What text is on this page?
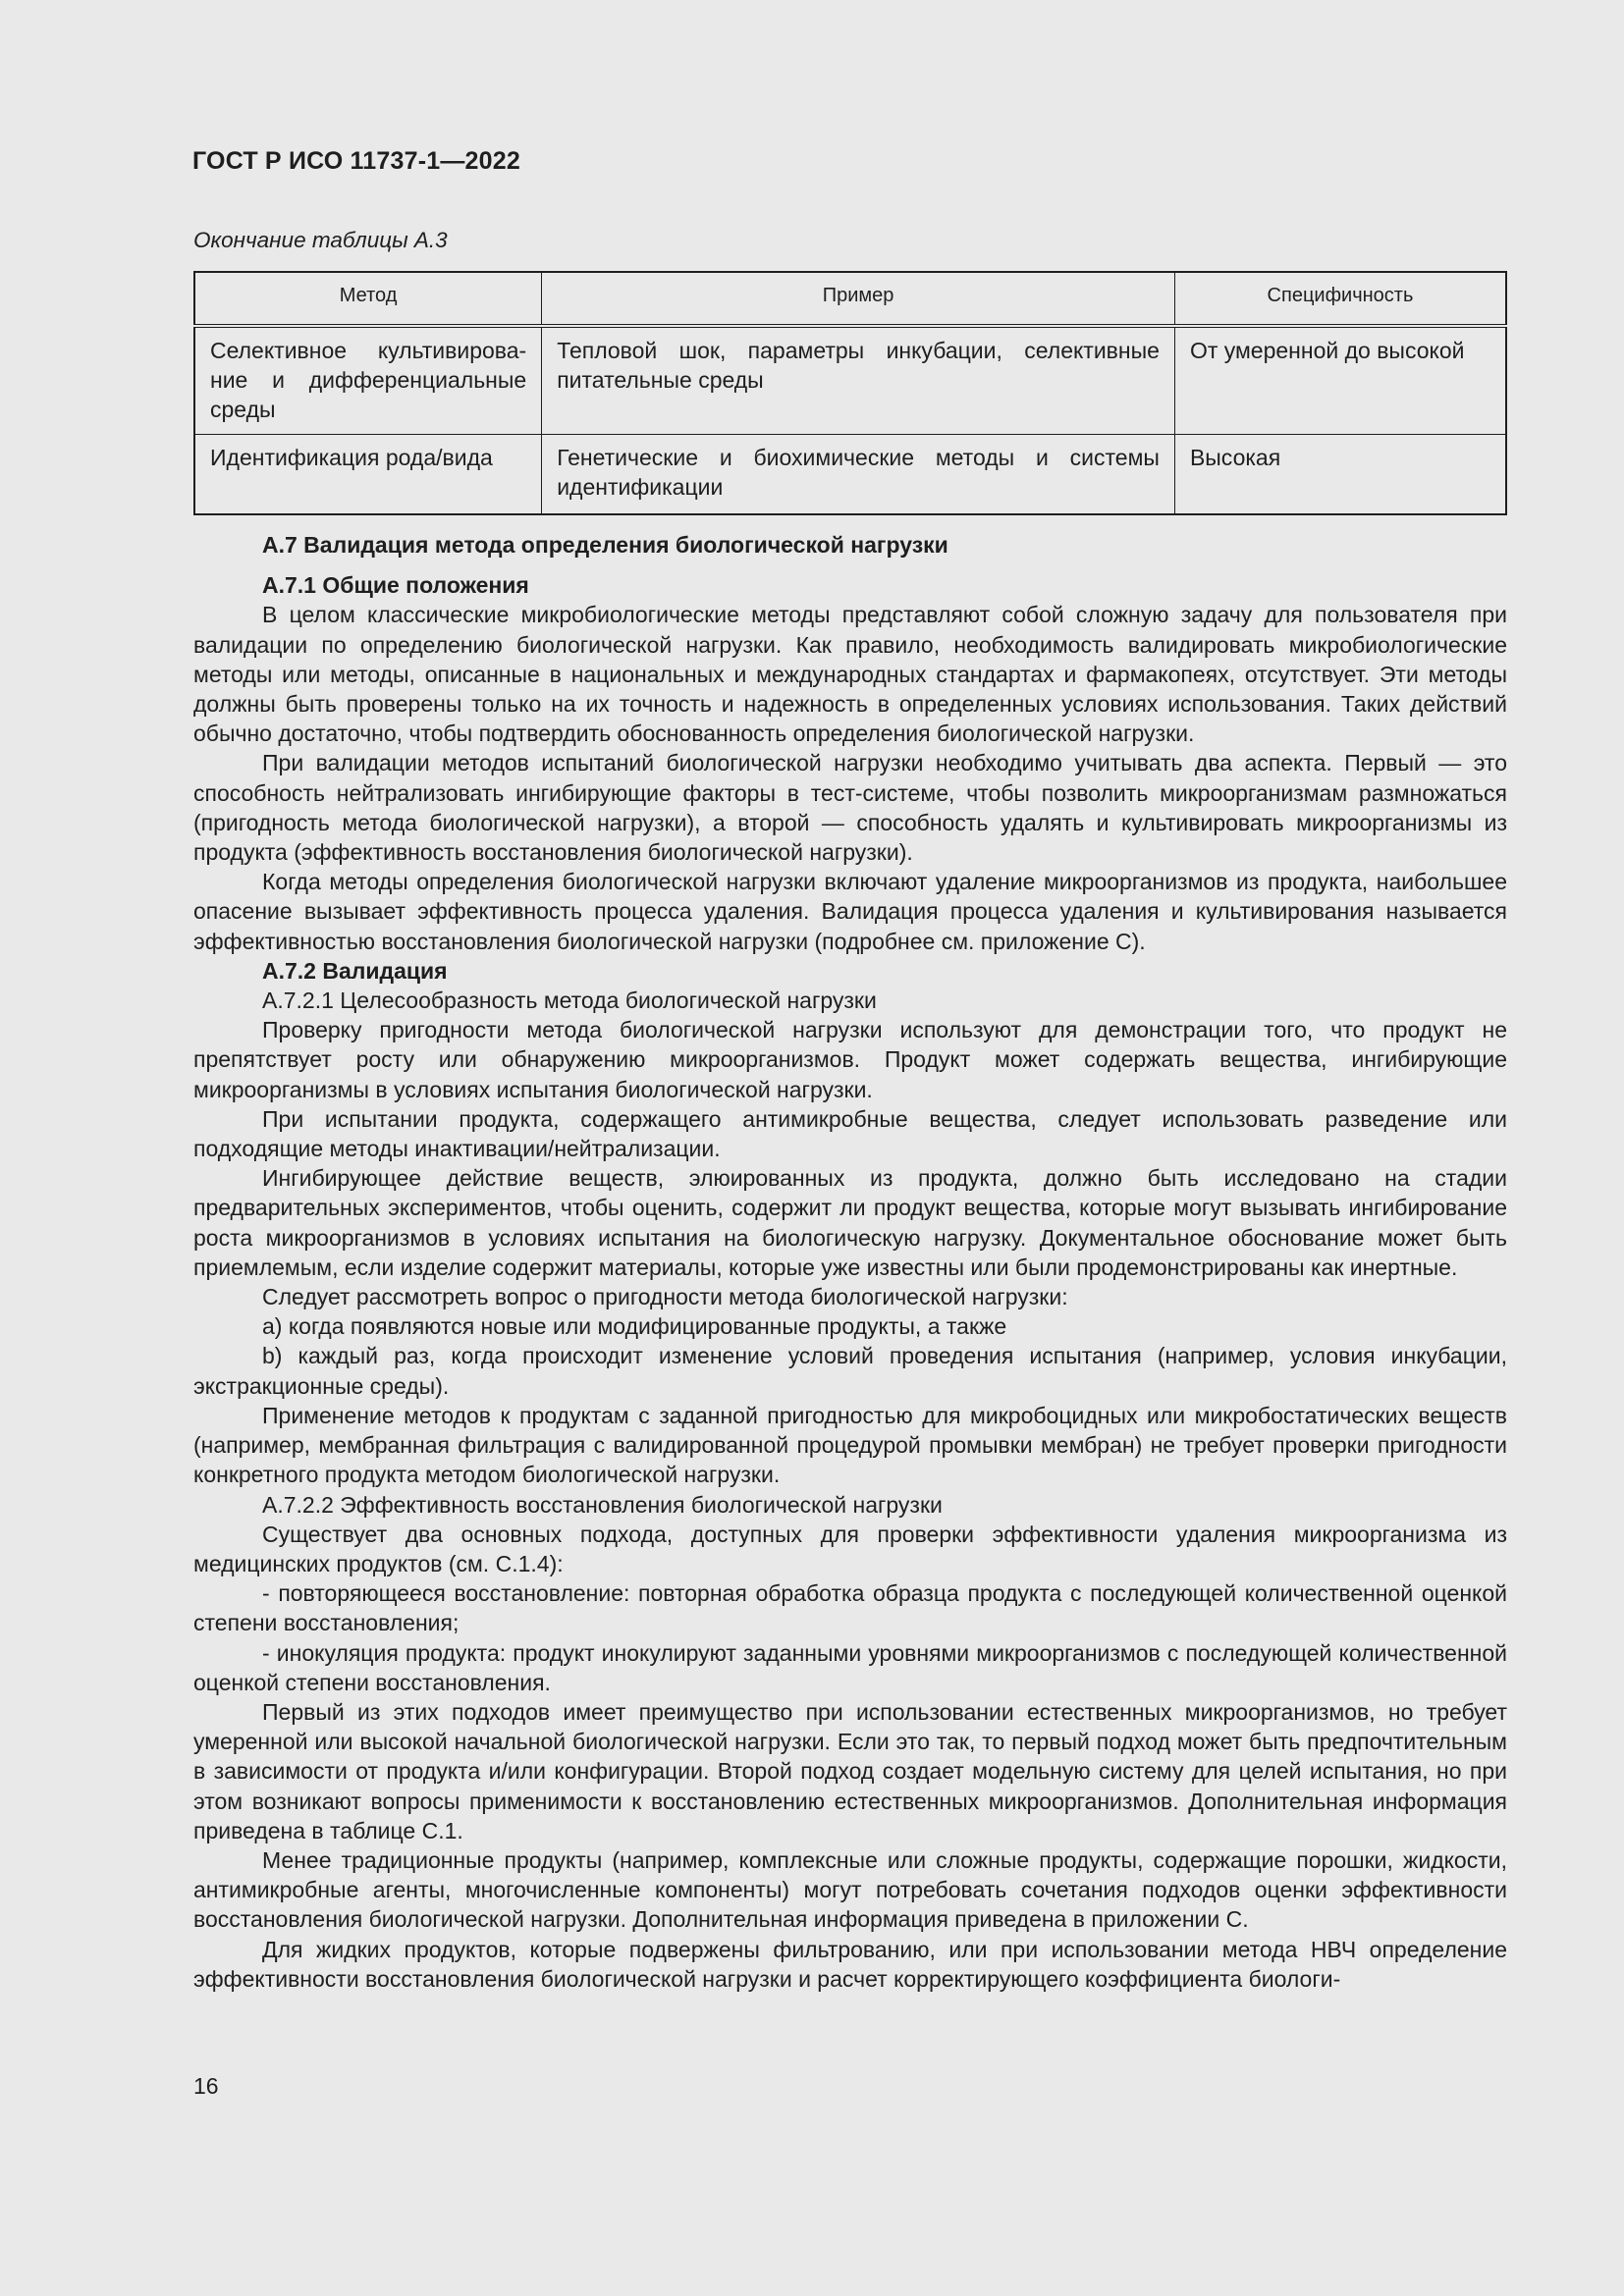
ГОСТ Р ИСО 11737-1—2022
Окончание таблицы А.3
Метод	Пример	Специфичность
Селективное культивирова-ние и дифференциальные среды	Тепловой шок, параметры инкубации, селективные питательные среды	От умеренной до высокой
Идентификация рода/вида	Генетические и биохимические методы и системы идентификации	Высокая

А.7 Валидация метода определения биологической нагрузки

А.7.1 Общие положения

В целом классические микробиологические методы представляют собой сложную задачу для пользователя при валидации по определению биологической нагрузки. Как правило, необходимость валидировать микробиологические методы или методы, описанные в национальных и международных стандартах и фармакопеях, отсутствует. Эти методы должны быть проверены только на их точность и надежность в определенных условиях использования. Таких действий обычно достаточно, чтобы подтвердить обоснованность определения биологической нагрузки.

При валидации методов испытаний биологической нагрузки необходимо учитывать два аспекта. Первый — это способность нейтрализовать ингибирующие факторы в тест-системе, чтобы позволить микроорганизмам размножаться (пригодность метода биологической нагрузки), а второй — способность удалять и культивировать микроорганизмы из продукта (эффективность восстановления биологической нагрузки).

Когда методы определения биологической нагрузки включают удаление микроорганизмов из продукта, наибольшее опасение вызывает эффективность процесса удаления. Валидация процесса удаления и культивирования называется эффективностью восстановления биологической нагрузки (подробнее см. приложение С).

А.7.2 Валидация

А.7.2.1 Целесообразность метода биологической нагрузки

Проверку пригодности метода биологической нагрузки используют для демонстрации того, что продукт не препятствует росту или обнаружению микроорганизмов. Продукт может содержать вещества, ингибирующие микроорганизмы в условиях испытания биологической нагрузки.

При испытании продукта, содержащего антимикробные вещества, следует использовать разведение или подходящие методы инактивации/нейтрализации.

Ингибирующее действие веществ, элюированных из продукта, должно быть исследовано на стадии предварительных экспериментов, чтобы оценить, содержит ли продукт вещества, которые могут вызывать ингибирование роста микроорганизмов в условиях испытания на биологическую нагрузку. Документальное обоснование может быть приемлемым, если изделие содержит материалы, которые уже известны или были продемонстрированы как инертные.

Следует рассмотреть вопрос о пригодности метода биологической нагрузки:

a) когда появляются новые или модифицированные продукты, а также

b) каждый раз, когда происходит изменение условий проведения испытания (например, условия инкубации, экстракционные среды).

Применение методов к продуктам с заданной пригодностью для микробоцидных или микробостатических веществ (например, мембранная фильтрация с валидированной процедурой промывки мембран) не требует проверки пригодности конкретного продукта методом биологической нагрузки.

А.7.2.2 Эффективность восстановления биологической нагрузки

Существует два основных подхода, доступных для проверки эффективности удаления микроорганизма из медицинских продуктов (см. С.1.4):

- повторяющееся восстановление: повторная обработка образца продукта с последующей количественной оценкой степени восстановления;

- инокуляция продукта: продукт инокулируют заданными уровнями микроорганизмов с последующей количественной оценкой степени восстановления.

Первый из этих подходов имеет преимущество при использовании естественных микроорганизмов, но требует умеренной или высокой начальной биологической нагрузки. Если это так, то первый подход может быть предпочтительным в зависимости от продукта и/или конфигурации. Второй подход создает модельную систему для целей испытания, но при этом возникают вопросы применимости к восстановлению естественных микроорганизмов. Дополнительная информация приведена в таблице С.1.

Менее традиционные продукты (например, комплексные или сложные продукты, содержащие порошки, жидкости, антимикробные агенты, многочисленные компоненты) могут потребовать сочетания подходов оценки эффективности восстановления биологической нагрузки. Дополнительная информация приведена в приложении С.

Для жидких продуктов, которые подвержены фильтрованию, или при использовании метода НВЧ определение эффективности восстановления биологической нагрузки и расчет корректирующего коэффициента биологи-

16
